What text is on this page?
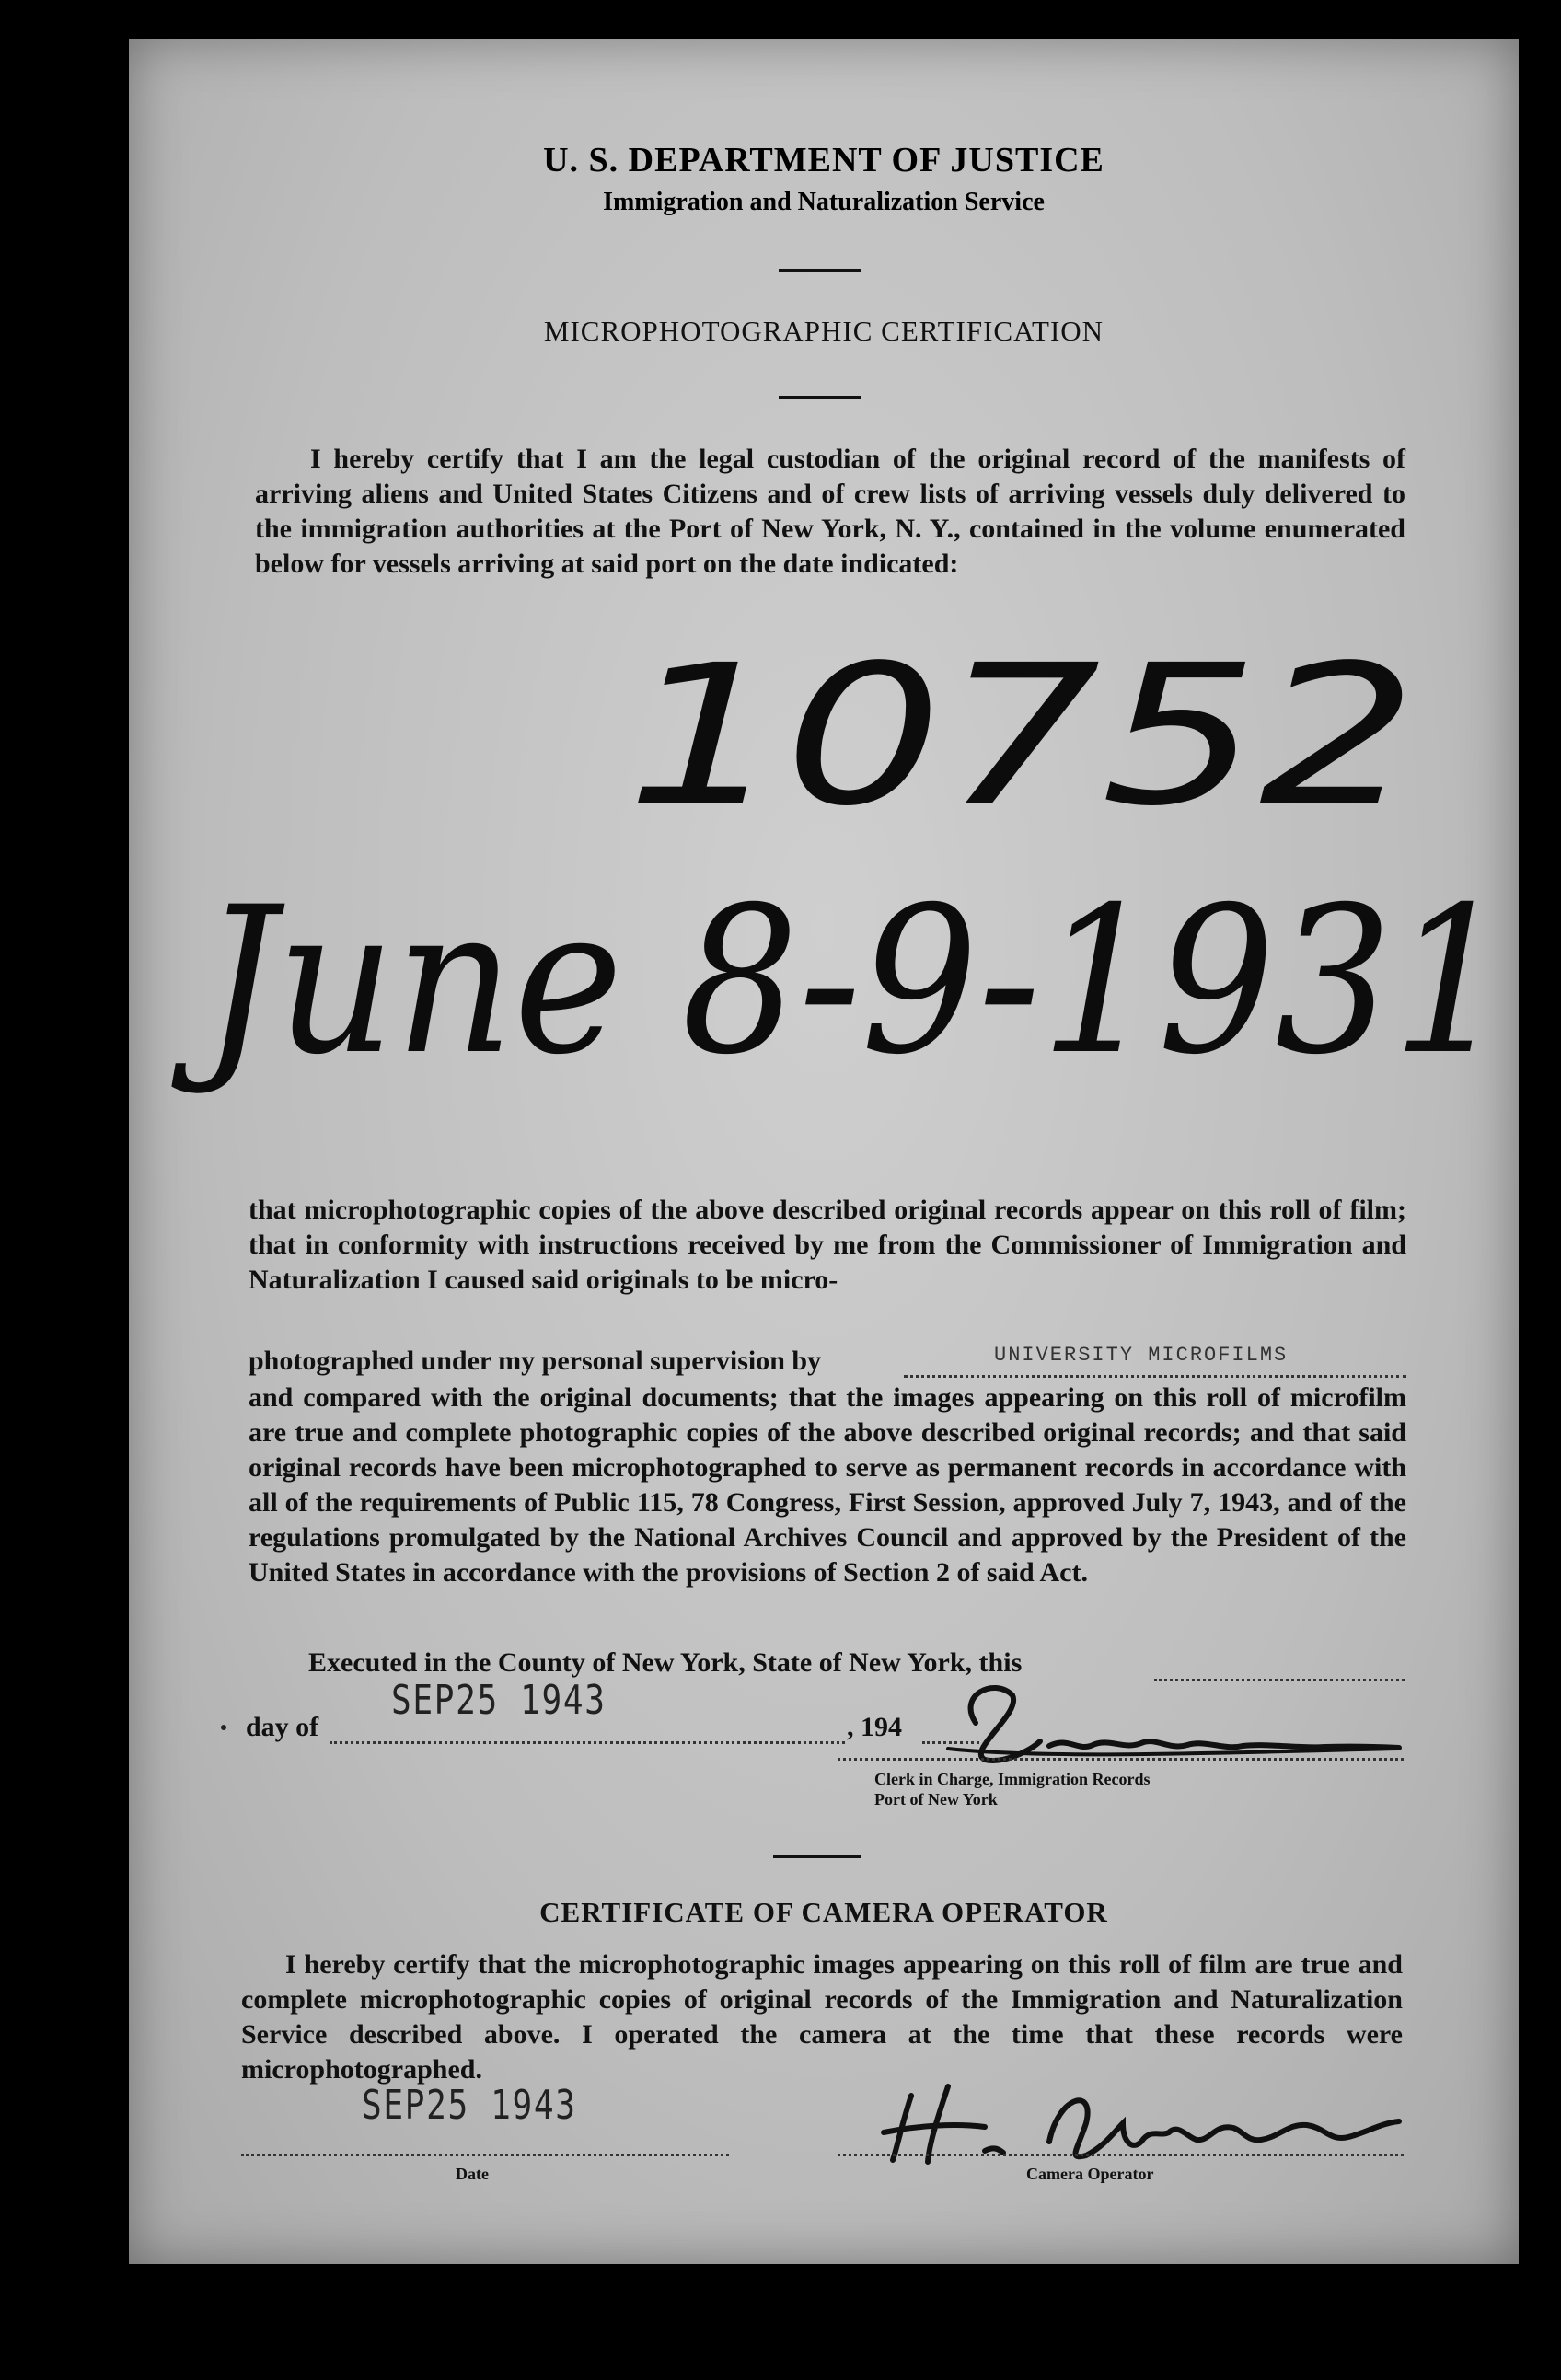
U. S. DEPARTMENT OF JUSTICE
Immigration and Naturalization Service
MICROPHOTOGRAPHIC CERTIFICATION
I hereby certify that I am the legal custodian of the original record of the manifests of arriving aliens and United States Citizens and of crew lists of arriving vessels duly delivered to the immigration authorities at the Port of New York, N. Y., contained in the volume enumerated below for vessels arriving at said port on the date indicated:
10752
June 8-9-1931
that microphotographic copies of the above described original records appear on this roll of film; that in conformity with instructions received by me from the Commissioner of Immigration and Naturalization I caused said originals to be micro-
photographed under my personal supervision by	UNIVERSITY MICROFILMS
and compared with the original documents; that the images appearing on this roll of microfilm are true and complete photographic copies of the above described original records; and that said original records have been microphotographed to serve as permanent records in accordance with all of the requirements of Public 115, 78 Congress, First Session, approved July 7, 1943, and of the regulations promulgated by the National Archives Council and approved by the President of the United States in accordance with the provisions of Section 2 of said Act.
Executed in the County of New York, State of New York, this
SEP25 1943
day of	, 194
Clerk in Charge, Immigration Records
Port of New York
CERTIFICATE OF CAMERA OPERATOR
I hereby certify that the microphotographic images appearing on this roll of film are true and complete microphotographic copies of original records of the Immigration and Naturalization Service described above. I operated the camera at the time that these records were microphotographed.
SEP25 1943
Date	Camera Operator
